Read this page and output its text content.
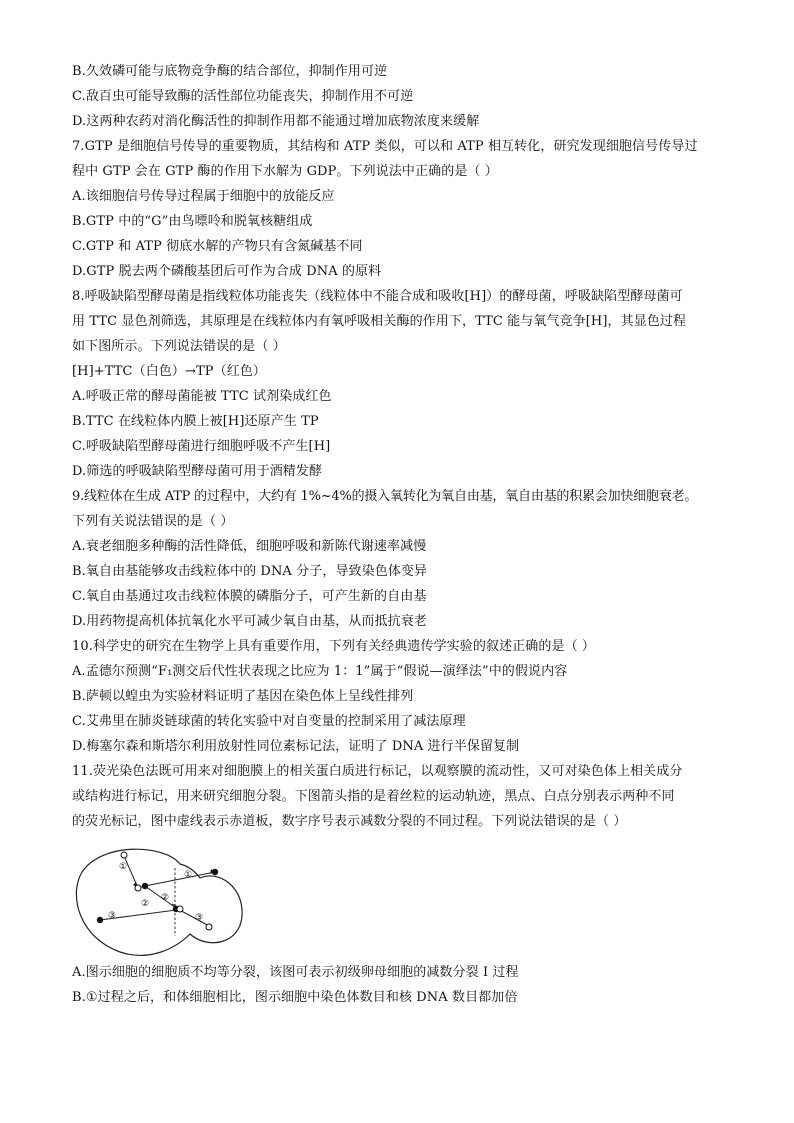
B.久效磷可能与底物竞争酶的结合部位，抑制作用可逆
C.敌百虫可能导致酶的活性部位功能丧失，抑制作用不可逆
D.这两种农药对消化酶活性的抑制作用都不能通过增加底物浓度来缓解
7.GTP 是细胞信号传导的重要物质，其结构和 ATP 类似，可以和 ATP 相互转化，研究发现细胞信号传导过
程中 GTP 会在 GTP 酶的作用下水解为 GDP。下列说法中正确的是（ ）
A.该细胞信号传导过程属于细胞中的放能反应
B.GTP 中的“G”由鸟嘌呤和脱氧核糖组成
C.GTP 和 ATP 彻底水解的产物只有含氮碱基不同
D.GTP 脱去两个磷酸基团后可作为合成 DNA 的原料
8.呼吸缺陷型酵母菌是指线粒体功能丧失（线粒体中不能合成和吸收[H]）的酵母菌，呼吸缺陷型酵母菌可
用 TTC 显色剂筛选，其原理是在线粒体内有氧呼吸相关酶的作用下，TTC 能与氧气竞争[H]，其显色过程
如下图所示。下列说法错误的是（ ）
[H]+TTC（白色）→TP（红色）
A.呼吸正常的酵母菌能被 TTC 试剂染成红色
B.TTC 在线粒体内膜上被[H]还原产生 TP
C.呼吸缺陷型酵母菌进行细胞呼吸不产生[H]
D.筛选的呼吸缺陷型酵母菌可用于酒精发酵
9.线粒体在生成 ATP 的过程中，大约有 1%~4%的摄入氧转化为氧自由基，氧自由基的积累会加快细胞衰老。
下列有关说法错误的是（ ）
A.衰老细胞多种酶的活性降低，细胞呼吸和新陈代谢速率减慢
B.氧自由基能够攻击线粒体中的 DNA 分子，导致染色体变异
C.氧自由基通过攻击线粒体膜的磷脂分子，可产生新的自由基
D.用药物提高机体抗氧化水平可减少氧自由基，从而抵抗衰老
10.科学史的研究在生物学上具有重要作用，下列有关经典遗传学实验的叙述正确的是（ ）
A.孟德尔预测“F₁测交后代性状表现之比应为 1：1”属于“假说—演绎法”中的假说内容
B.萨顿以蝗虫为实验材料证明了基因在染色体上呈线性排列
C.艾弗里在肺炎链球菌的转化实验中对自变量的控制采用了减法原理
D.梅塞尔森和斯塔尔利用放射性同位素标记法，证明了 DNA 进行半保留复制
11.荧光染色法既可用来对细胞膜上的相关蛋白质进行标记，以观察膜的流动性，又可对染色体上相关成分
或结构进行标记，用来研究细胞分裂。下图箭头指的是着丝粒的运动轨迹，黑点、白点分别表示两种不同
的荧光标记，图中虚线表示赤道板，数字序号表示减数分裂的不同过程。下列说法错误的是（ ）
①
①
②
②
③	③
A.图示细胞的细胞质不均等分裂，该图可表示初级卵母细胞的减数分裂 I 过程
B.①过程之后，和体细胞相比，图示细胞中染色体数目和核 DNA 数目都加倍
